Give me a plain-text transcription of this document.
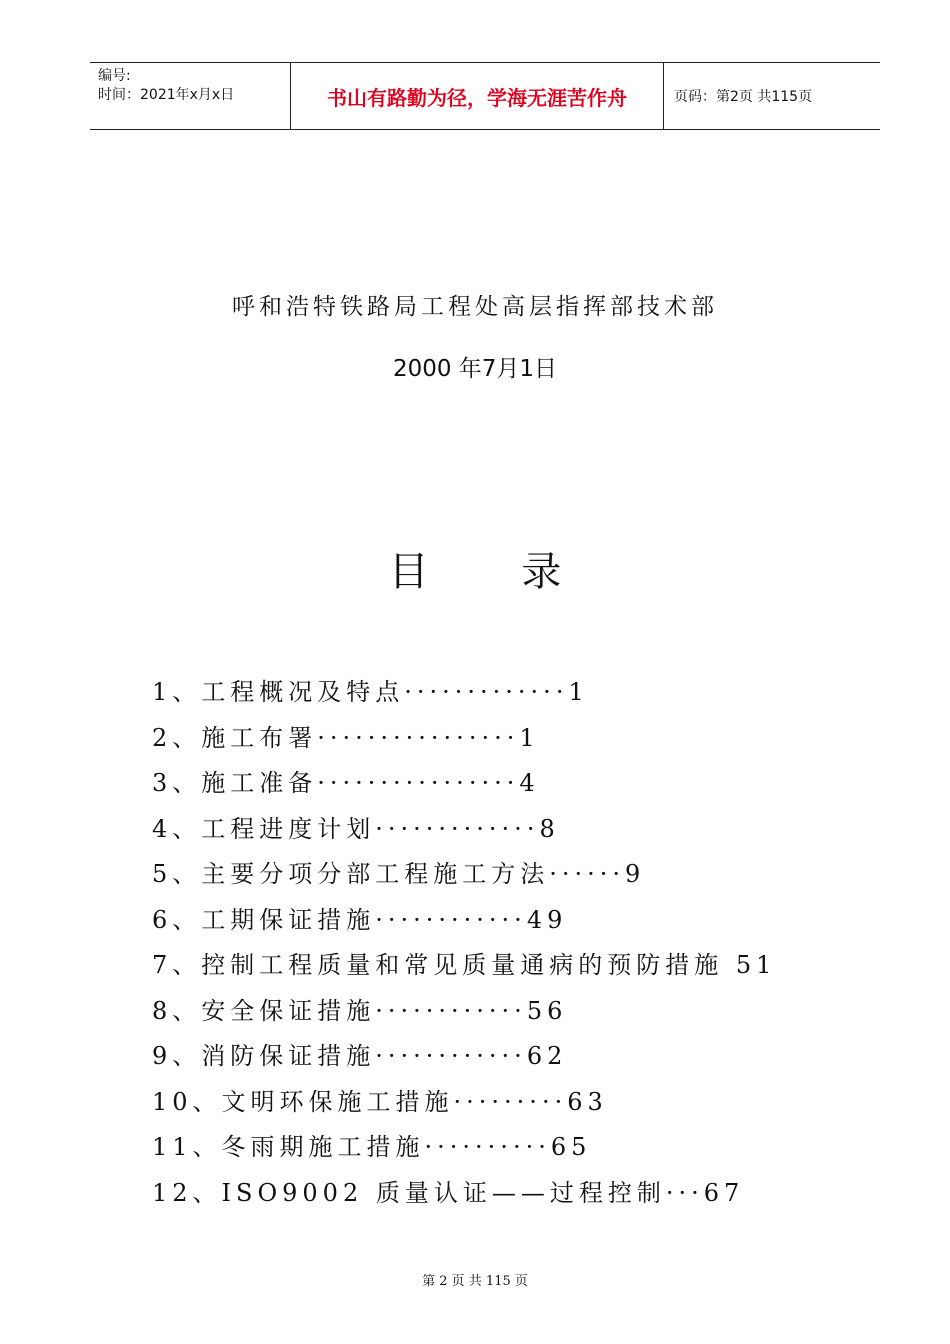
编号:
时间：2021年x月x日	书山有路勤为径，学海无涯苦作舟	页码：第2页 共115页
呼和浩特铁路局工程处高层指挥部技术部
2000 年7月1日
目 录
1、工程概况及特点·············1
2、施工布署················1
3、施工准备················4
4、工程进度计划·············8
5、主要分项分部工程施工方法······9
6、工期保证措施············49
7、控制工程质量和常见质量通病的预防措施 51
8、安全保证措施············56
9、消防保证措施············62
10、文明环保施工措施·········63
11、冬雨期施工措施··········65
12、ISO9002 质量认证——过程控制···67
第 2 页 共 115 页
